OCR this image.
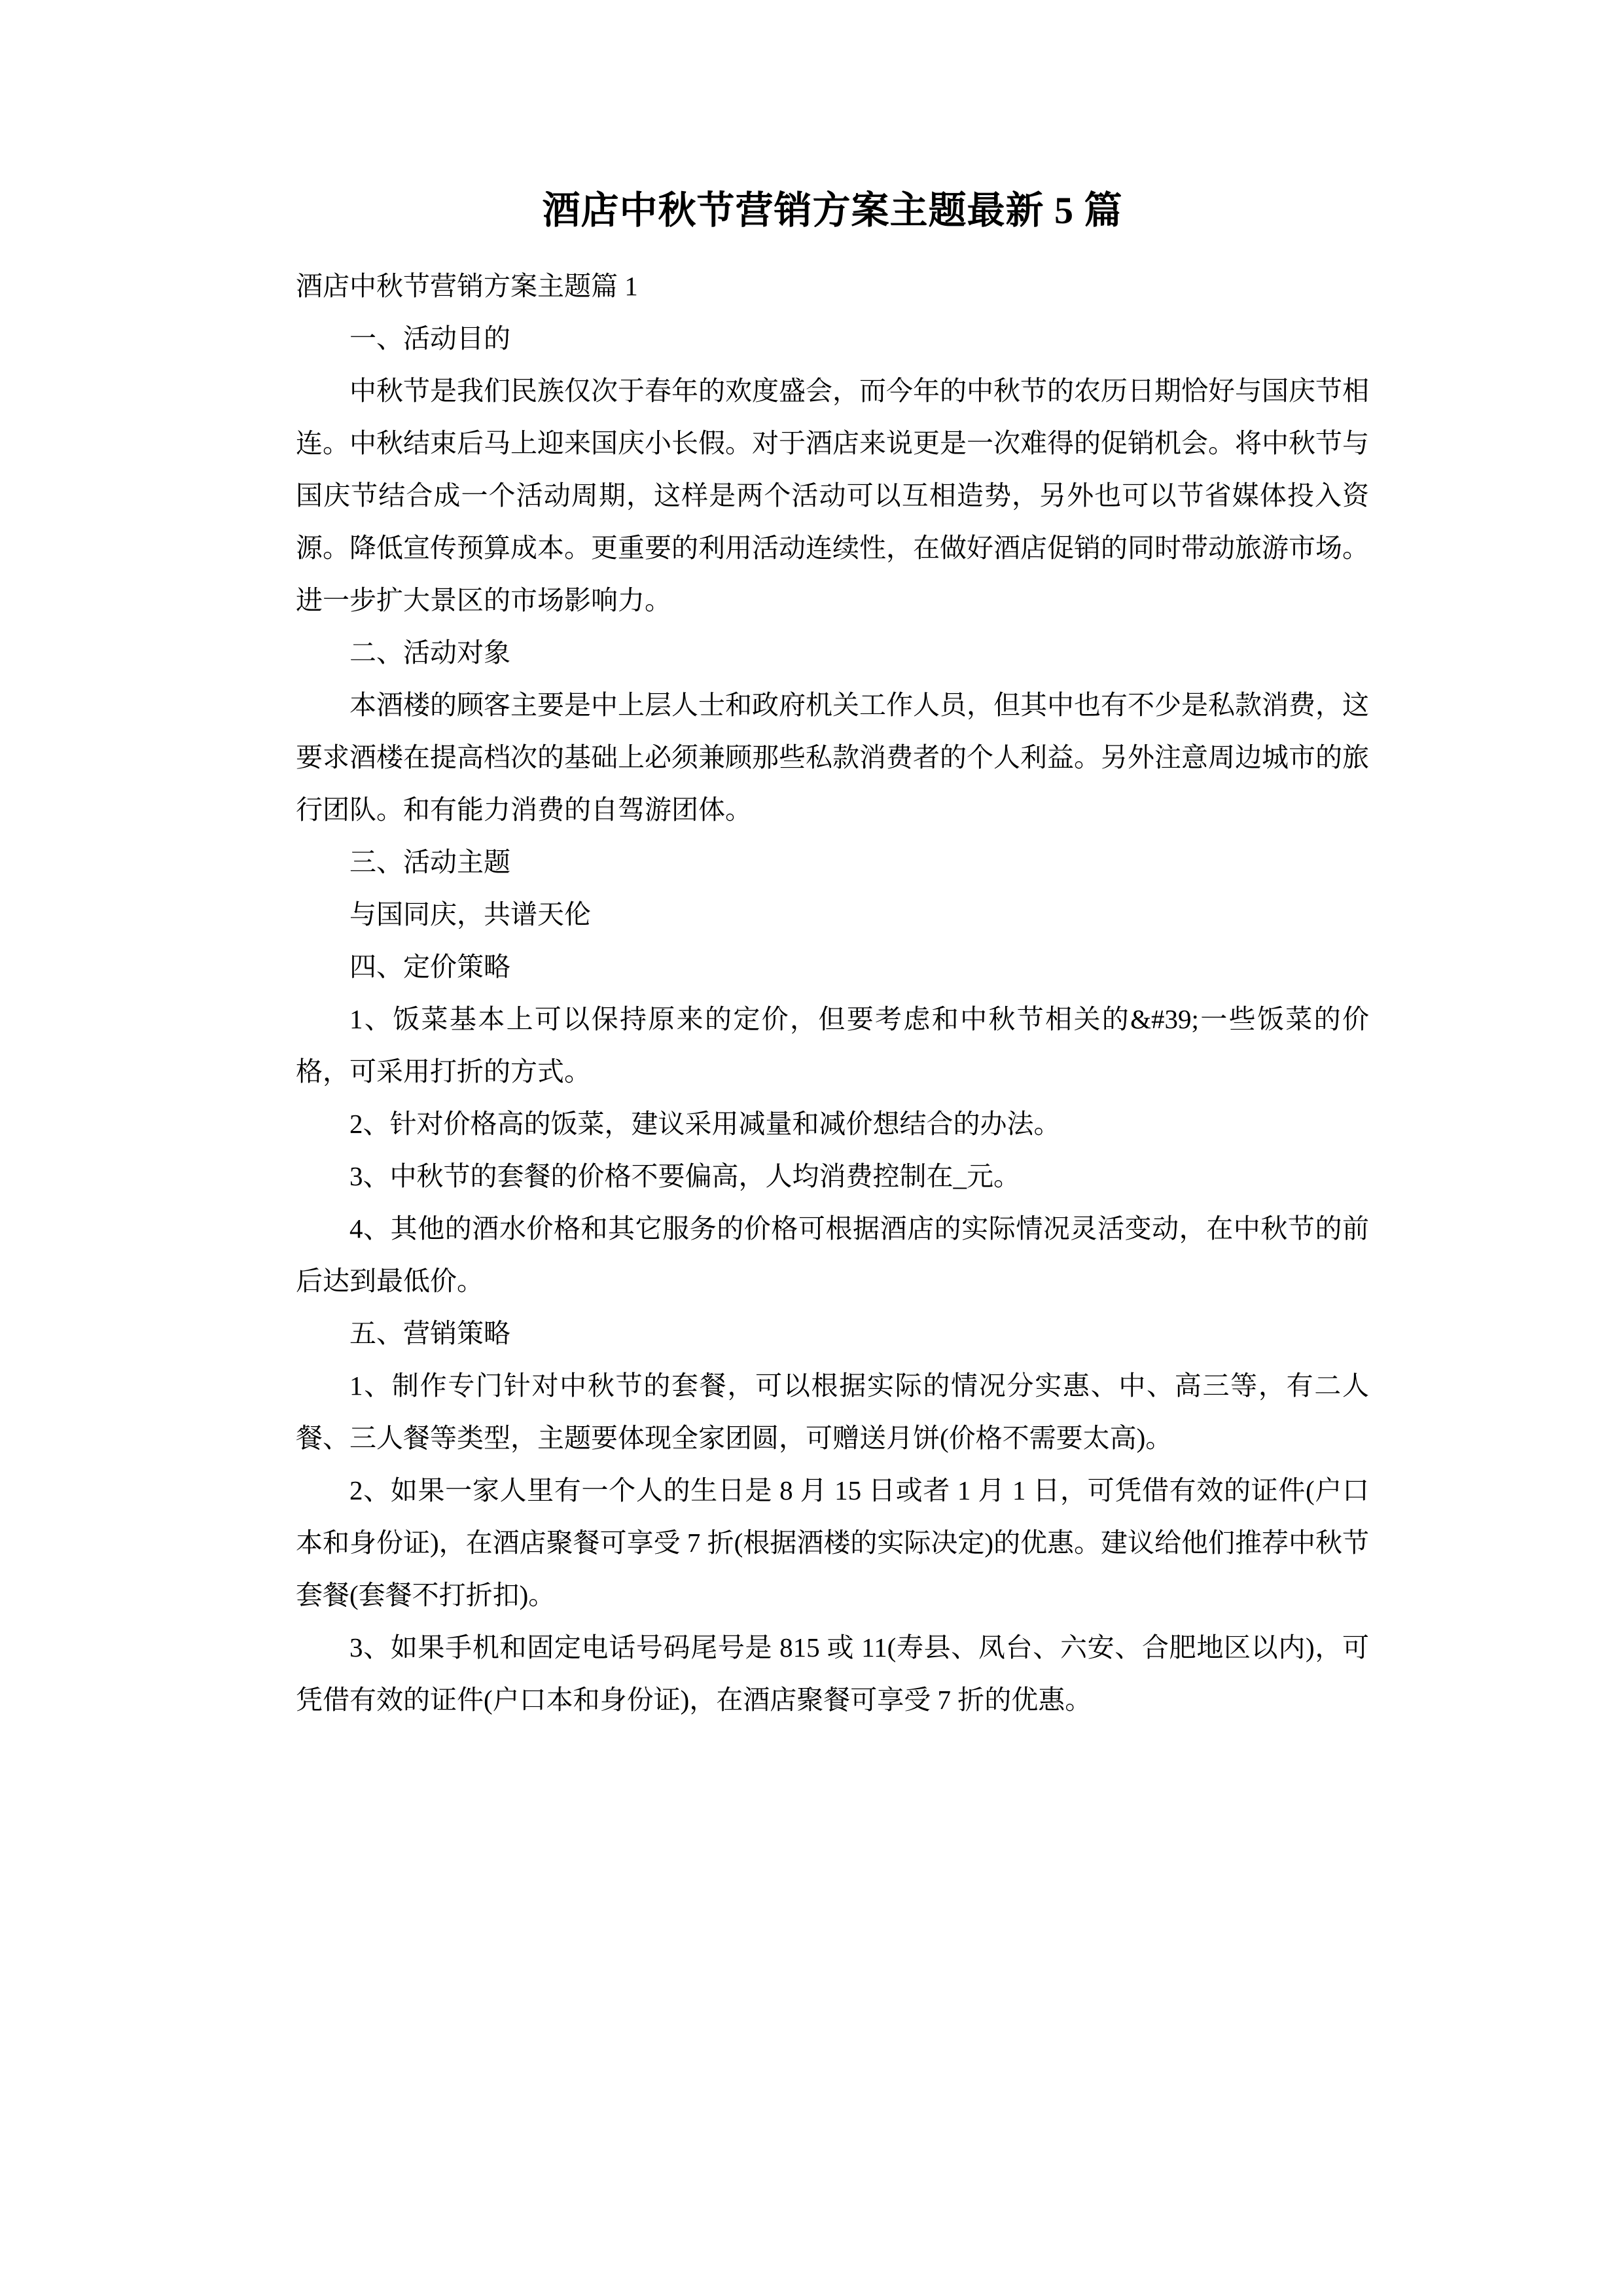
酒店中秋节营销方案主题最新 5 篇

酒店中秋节营销方案主题篇 1

一、活动目的

中秋节是我们民族仅次于春年的欢度盛会，而今年的中秋节的农历日期恰好与国庆节相连。中秋结束后马上迎来国庆小长假。对于酒店来说更是一次难得的促销机会。将中秋节与国庆节结合成一个活动周期，这样是两个活动可以互相造势，另外也可以节省媒体投入资源。降低宣传预算成本。更重要的利用活动连续性，在做好酒店促销的同时带动旅游市场。进一步扩大景区的市场影响力。

二、活动对象

本酒楼的顾客主要是中上层人士和政府机关工作人员，但其中也有不少是私款消费，这要求酒楼在提高档次的基础上必须兼顾那些私款消费者的个人利益。另外注意周边城市的旅行团队。和有能力消费的自驾游团体。

三、活动主题

与国同庆，共谱天伦

四、定价策略

1、饭菜基本上可以保持原来的定价，但要考虑和中秋节相关的&#39;一些饭菜的价格，可采用打折的方式。

2、针对价格高的饭菜，建议采用减量和减价想结合的办法。

3、中秋节的套餐的价格不要偏高，人均消费控制在_元。

4、其他的酒水价格和其它服务的价格可根据酒店的实际情况灵活变动，在中秋节的前后达到最低价。

五、营销策略

1、制作专门针对中秋节的套餐，可以根据实际的情况分实惠、中、高三等，有二人餐、三人餐等类型，主题要体现全家团圆，可赠送月饼(价格不需要太高)。

2、如果一家人里有一个人的生日是 8 月 15 日或者 1 月 1 日，可凭借有效的证件(户口本和身份证)，在酒店聚餐可享受 7 折(根据酒楼的实际决定)的优惠。建议给他们推荐中秋节套餐(套餐不打折扣)。

3、如果手机和固定电话号码尾号是 815 或 11(寿县、凤台、六安、合肥地区以内)，可凭借有效的证件(户口本和身份证)，在酒店聚餐可享受 7 折的优惠。
